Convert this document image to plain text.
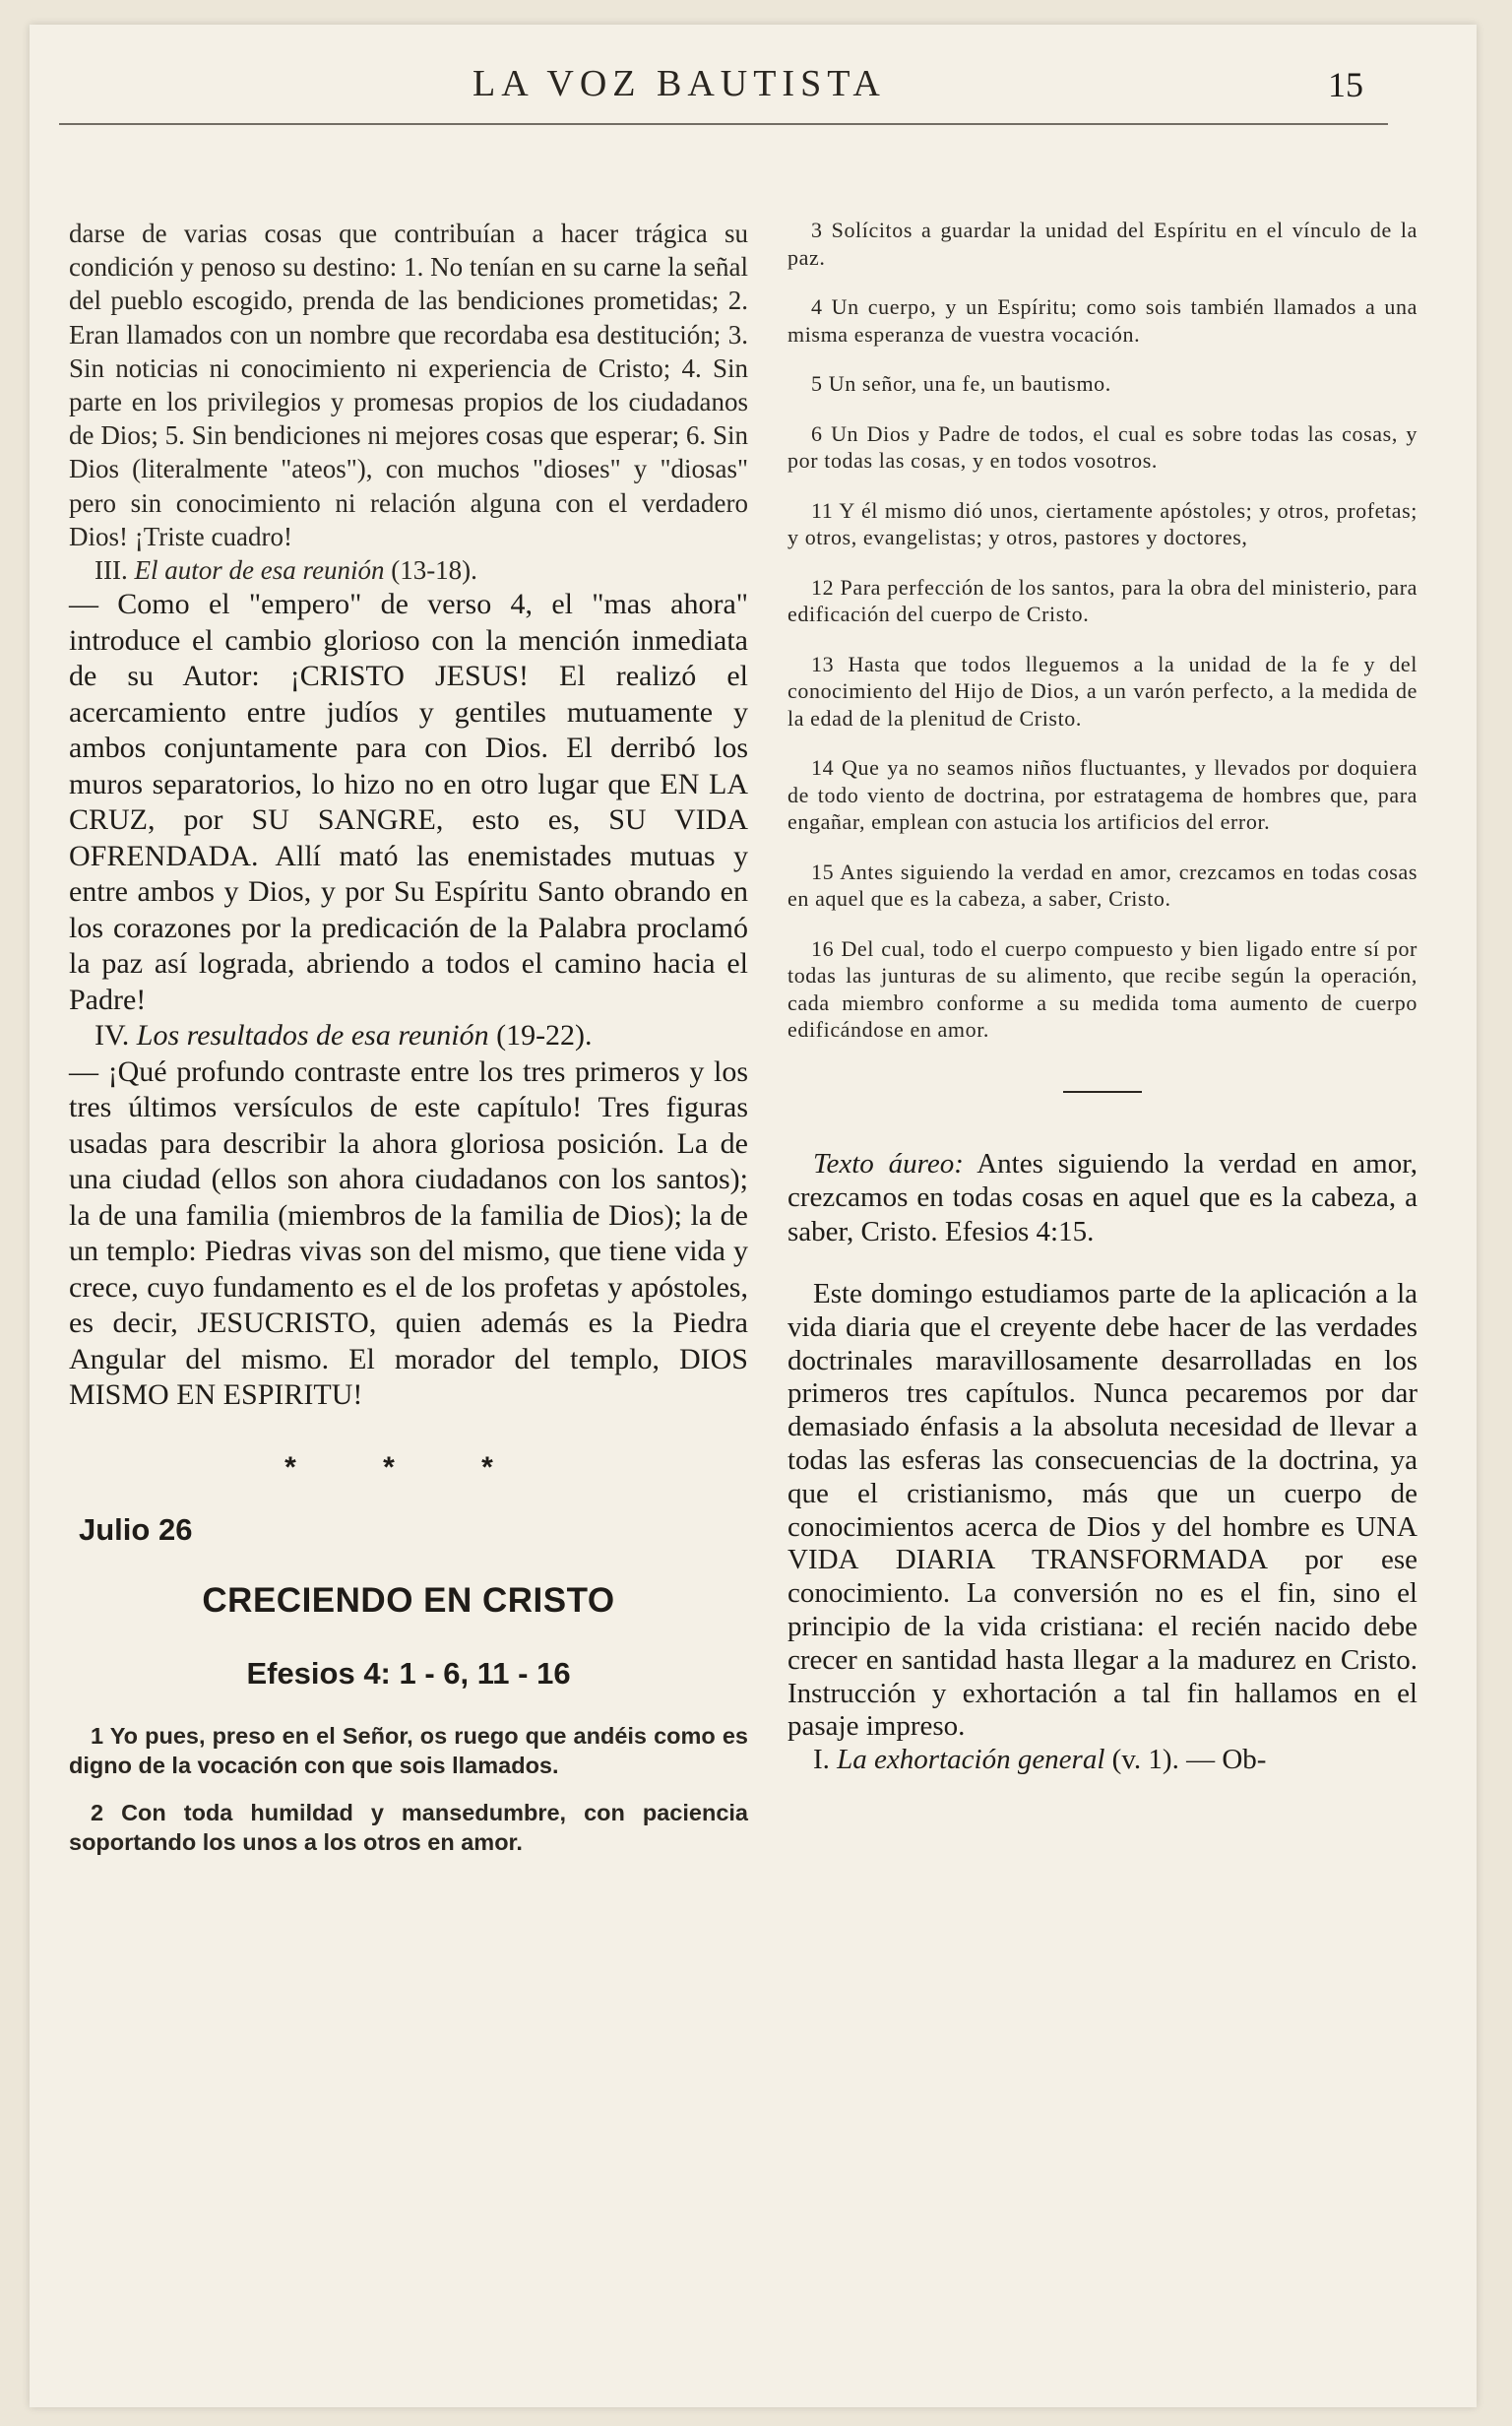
LA VOZ BAUTISTA	15

darse de varias cosas que contribuían a hacer trágica su condición y penoso su destino: 1. No tenían en su carne la señal del pueblo escogido, prenda de las bendiciones prometidas; 2. Eran llamados con un nombre que recordaba esa destitución; 3. Sin noticias ni conocimiento ni experiencia de Cristo; 4. Sin parte en los privilegios y promesas propios de los ciudadanos de Dios; 5. Sin bendiciones ni mejores cosas que esperar; 6. Sin Dios (literalmente "ateos"), con muchos "dioses" y "diosas" pero sin conocimiento ni relación alguna con el verdadero Dios! ¡Triste cuadro!

III. El autor de esa reunión (13-18).

— Como el "empero" de verso 4, el "mas ahora" introduce el cambio glorioso con la mención inmediata de su Autor: ¡CRISTO JESUS! El realizó el acercamiento entre judíos y gentiles mutuamente y ambos conjuntamente para con Dios. El derribó los muros separatorios, lo hizo no en otro lugar que EN LA CRUZ, por SU SANGRE, esto es, SU VIDA OFRENDADA. Allí mató las enemistades mutuas y entre ambos y Dios, y por Su Espíritu Santo obrando en los corazones por la predicación de la Palabra proclamó la paz así lograda, abriendo a todos el camino hacia el Padre!

IV. Los resultados de esa reunión (19-22).

— ¡Qué profundo contraste entre los tres primeros y los tres últimos versículos de este capítulo! Tres figuras usadas para describir la ahora gloriosa posición. La de una ciudad (ellos son ahora ciudadanos con los santos); la de una familia (miembros de la familia de Dios); la de un templo: Piedras vivas son del mismo, que tiene vida y crece, cuyo fundamento es el de los profetas y apóstoles, es decir, JESUCRISTO, quien además es la Piedra Angular del mismo. El morador del templo, DIOS MISMO EN ESPIRITU!

* * *
Julio 26
CRECIENDO EN CRISTO
Efesios 4: 1 - 6, 11 - 16

1 Yo pues, preso en el Señor, os ruego que andéis como es digno de la vocación con que sois llamados.

2 Con toda humildad y mansedumbre, con paciencia soportando los unos a los otros en amor.

3 Solícitos a guardar la unidad del Espíritu en el vínculo de la paz.

4 Un cuerpo, y un Espíritu; como sois también llamados a una misma esperanza de vuestra vocación.

5 Un señor, una fe, un bautismo.

6 Un Dios y Padre de todos, el cual es sobre todas las cosas, y por todas las cosas, y en todos vosotros.

11 Y él mismo dió unos, ciertamente apóstoles; y otros, profetas; y otros, evangelistas; y otros, pastores y doctores,

12 Para perfección de los santos, para la obra del ministerio, para edificación del cuerpo de Cristo.

13 Hasta que todos lleguemos a la unidad de la fe y del conocimiento del Hijo de Dios, a un varón perfecto, a la medida de la edad de la plenitud de Cristo.

14 Que ya no seamos niños fluctuantes, y llevados por doquiera de todo viento de doctrina, por estratagema de hombres que, para engañar, emplean con astucia los artificios del error.

15 Antes siguiendo la verdad en amor, crezcamos en todas cosas en aquel que es la cabeza, a saber, Cristo.

16 Del cual, todo el cuerpo compuesto y bien ligado entre sí por todas las junturas de su alimento, que recibe según la operación, cada miembro conforme a su medida toma aumento de cuerpo edificándose en amor.

Texto áureo: Antes siguiendo la verdad en amor, crezcamos en todas cosas en aquel que es la cabeza, a saber, Cristo. Efesios 4:15.

Este domingo estudiamos parte de la aplicación a la vida diaria que el creyente debe hacer de las verdades doctrinales maravillosamente desarrolladas en los primeros tres capítulos. Nunca pecaremos por dar demasiado énfasis a la absoluta necesidad de llevar a todas las esferas las consecuencias de la doctrina, ya que el cristianismo, más que un cuerpo de conocimientos acerca de Dios y del hombre es UNA VIDA DIARIA TRANSFORMADA por ese conocimiento. La conversión no es el fin, sino el principio de la vida cristiana: el recién nacido debe crecer en santidad hasta llegar a la madurez en Cristo. Instrucción y exhortación a tal fin hallamos en el pasaje impreso.

I. La exhortación general (v. 1). — Ob-
